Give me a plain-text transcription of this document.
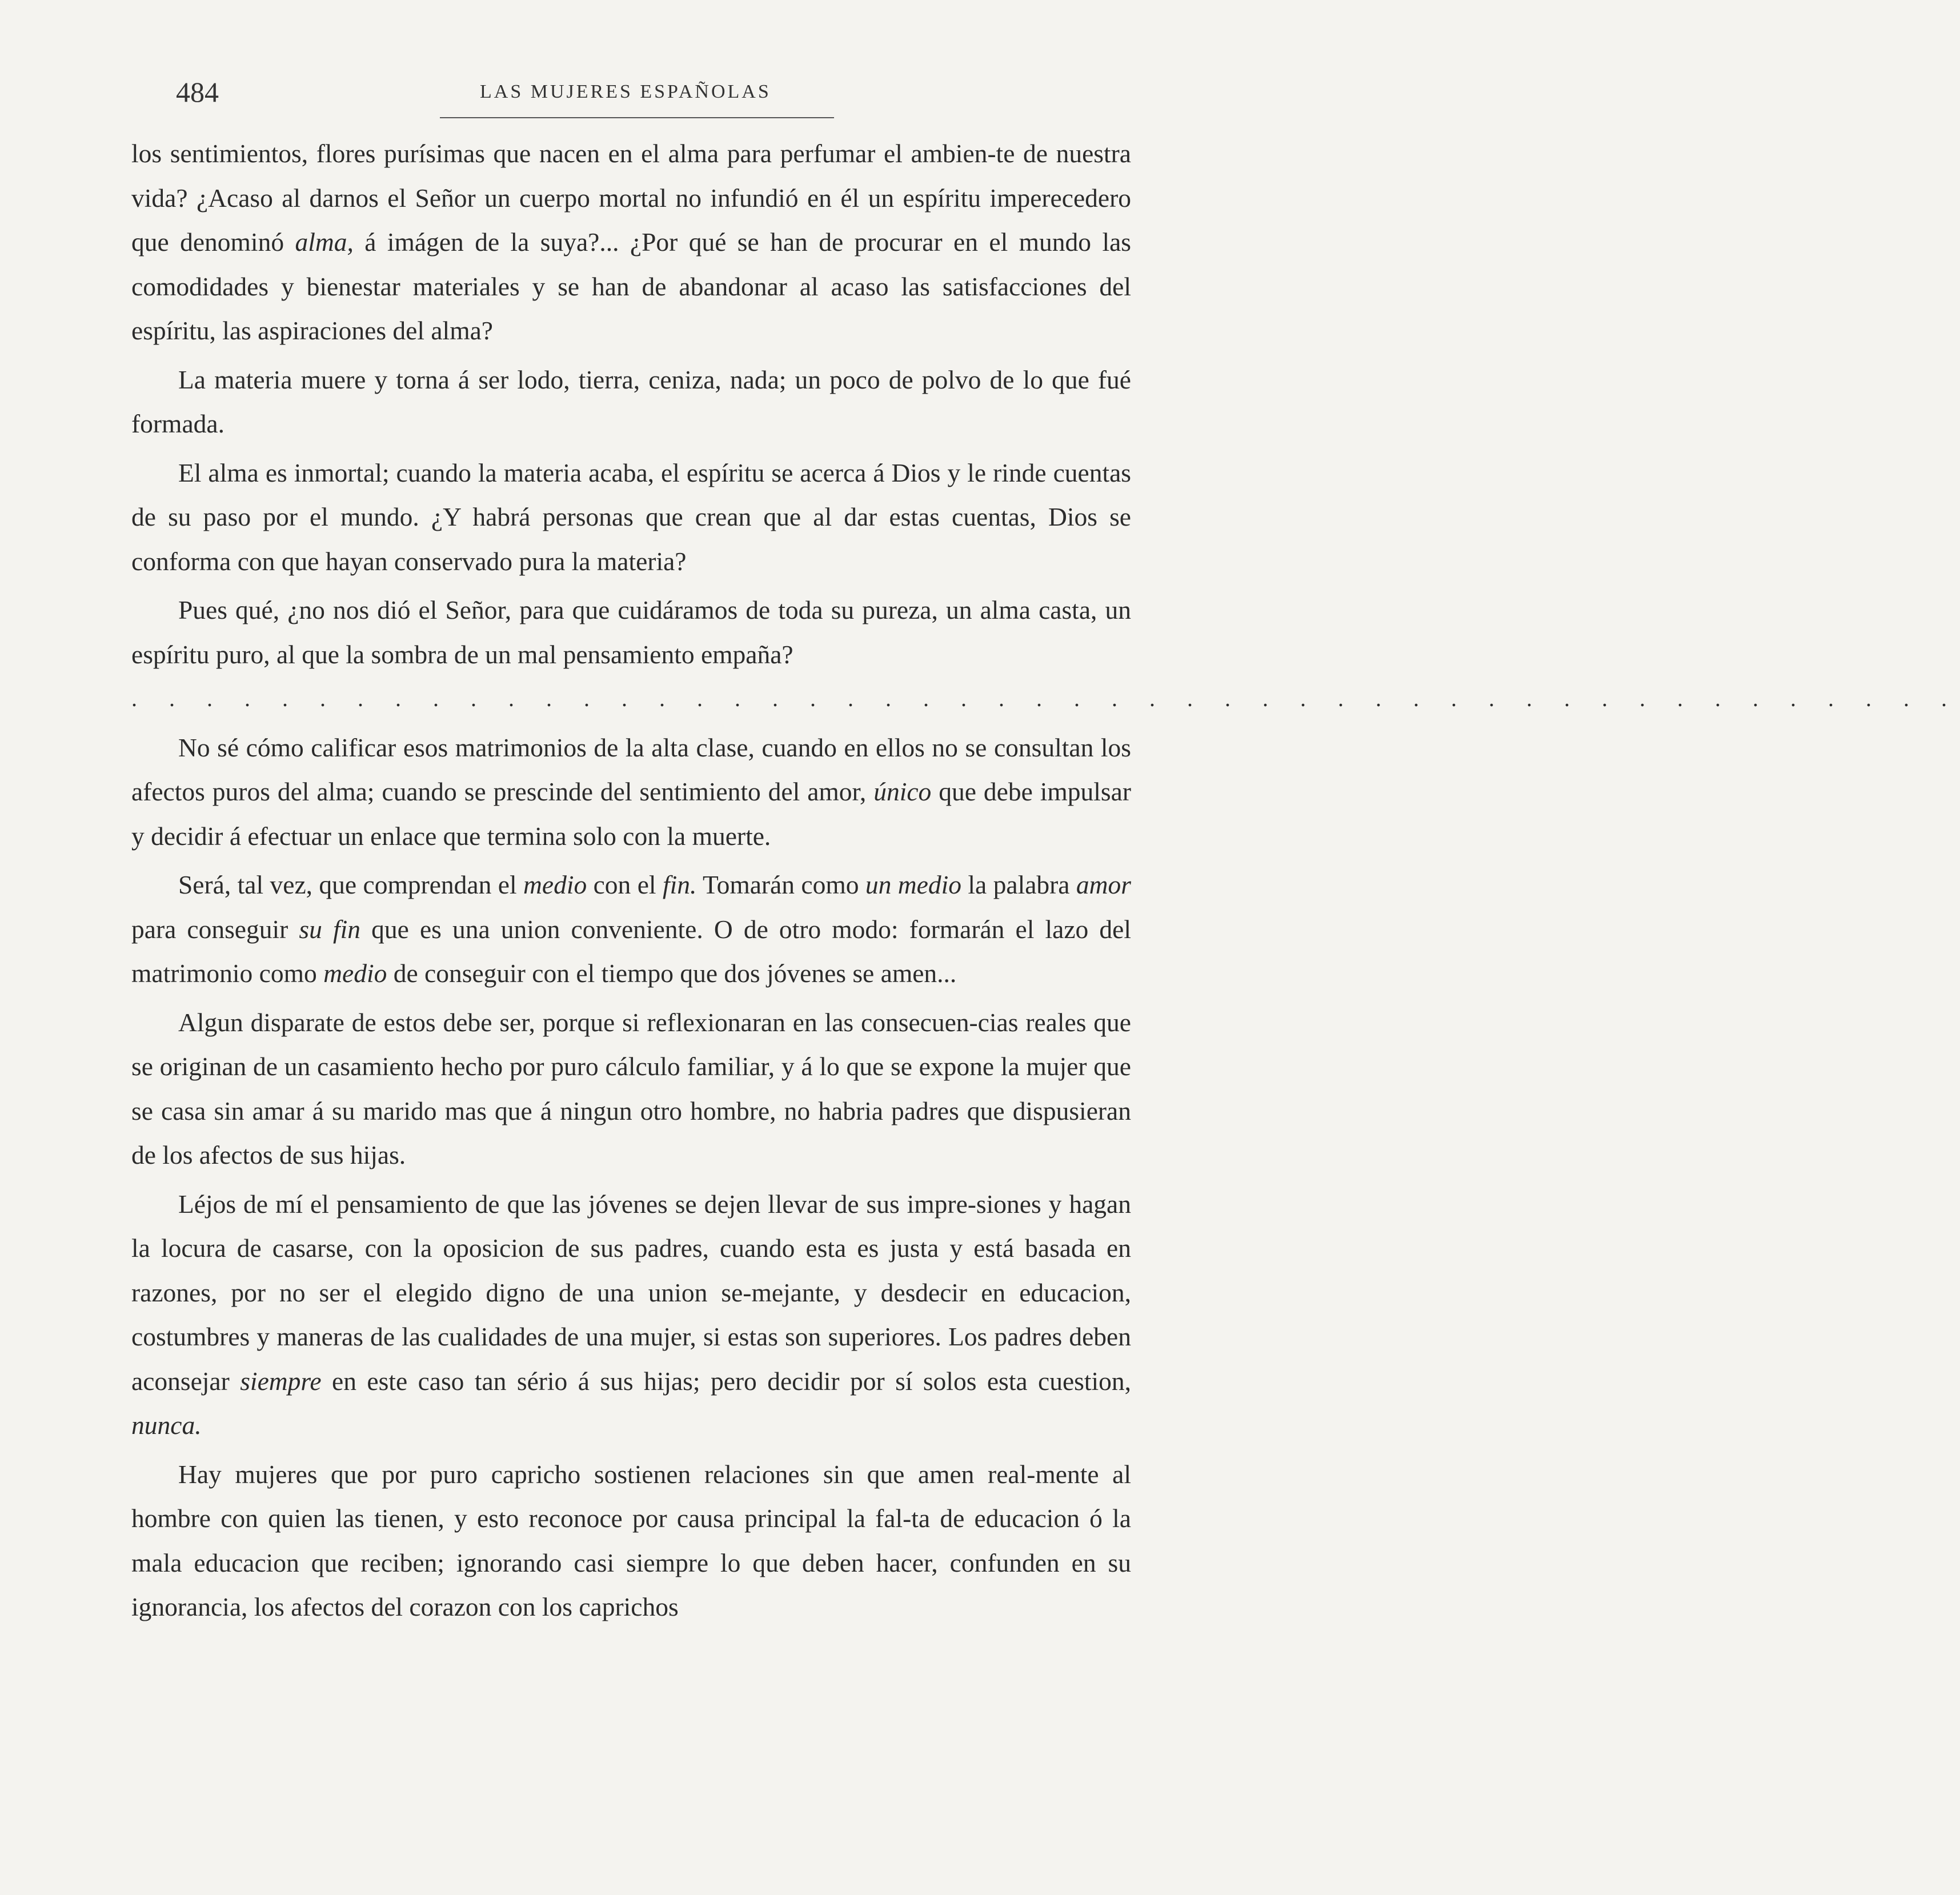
484	LAS MUJERES ESPAÑOLAS

los sentimientos, flores purísimas que nacen en el alma para perfumar el ambien-te de nuestra vida? ¿Acaso al darnos el Señor un cuerpo mortal no infundió en él un espíritu imperecedero que denominó alma, á imágen de la suya?... ¿Por qué se han de procurar en el mundo las comodidades y bienestar materiales y se han de abandonar al acaso las satisfacciones del espíritu, las aspiraciones del alma?

La materia muere y torna á ser lodo, tierra, ceniza, nada; un poco de polvo de lo que fué formada.

El alma es inmortal; cuando la materia acaba, el espíritu se acerca á Dios y le rinde cuentas de su paso por el mundo. ¿Y habrá personas que crean que al dar estas cuentas, Dios se conforma con que hayan conservado pura la materia?

Pues qué, ¿no nos dió el Señor, para que cuidáramos de toda su pureza, un alma casta, un espíritu puro, al que la sombra de un mal pensamiento empaña?

. . . . . . . . . . . . . . . . . . . . . . . . . . . . . . . . . . . . . . . . . . . . . . . . .

No sé cómo calificar esos matrimonios de la alta clase, cuando en ellos no se consultan los afectos puros del alma; cuando se prescinde del sentimiento del amor, único que debe impulsar y decidir á efectuar un enlace que termina solo con la muerte.

Será, tal vez, que comprendan el medio con el fin. Tomarán como un medio la palabra amor para conseguir su fin que es una union conveniente. O de otro modo: formarán el lazo del matrimonio como medio de conseguir con el tiempo que dos jóvenes se amen...

Algun disparate de estos debe ser, porque si reflexionaran en las consecuen-cias reales que se originan de un casamiento hecho por puro cálculo familiar, y á lo que se expone la mujer que se casa sin amar á su marido mas que á ningun otro hombre, no habria padres que dispusieran de los afectos de sus hijas.

Léjos de mí el pensamiento de que las jóvenes se dejen llevar de sus impre-siones y hagan la locura de casarse, con la oposicion de sus padres, cuando esta es justa y está basada en razones, por no ser el elegido digno de una union se-mejante, y desdecir en educacion, costumbres y maneras de las cualidades de una mujer, si estas son superiores. Los padres deben aconsejar siempre en este caso tan sério á sus hijas; pero decidir por sí solos esta cuestion, nunca.

Hay mujeres que por puro capricho sostienen relaciones sin que amen real-mente al hombre con quien las tienen, y esto reconoce por causa principal la fal-ta de educacion ó la mala educacion que reciben; ignorando casi siempre lo que deben hacer, confunden en su ignorancia, los afectos del corazon con los caprichos
